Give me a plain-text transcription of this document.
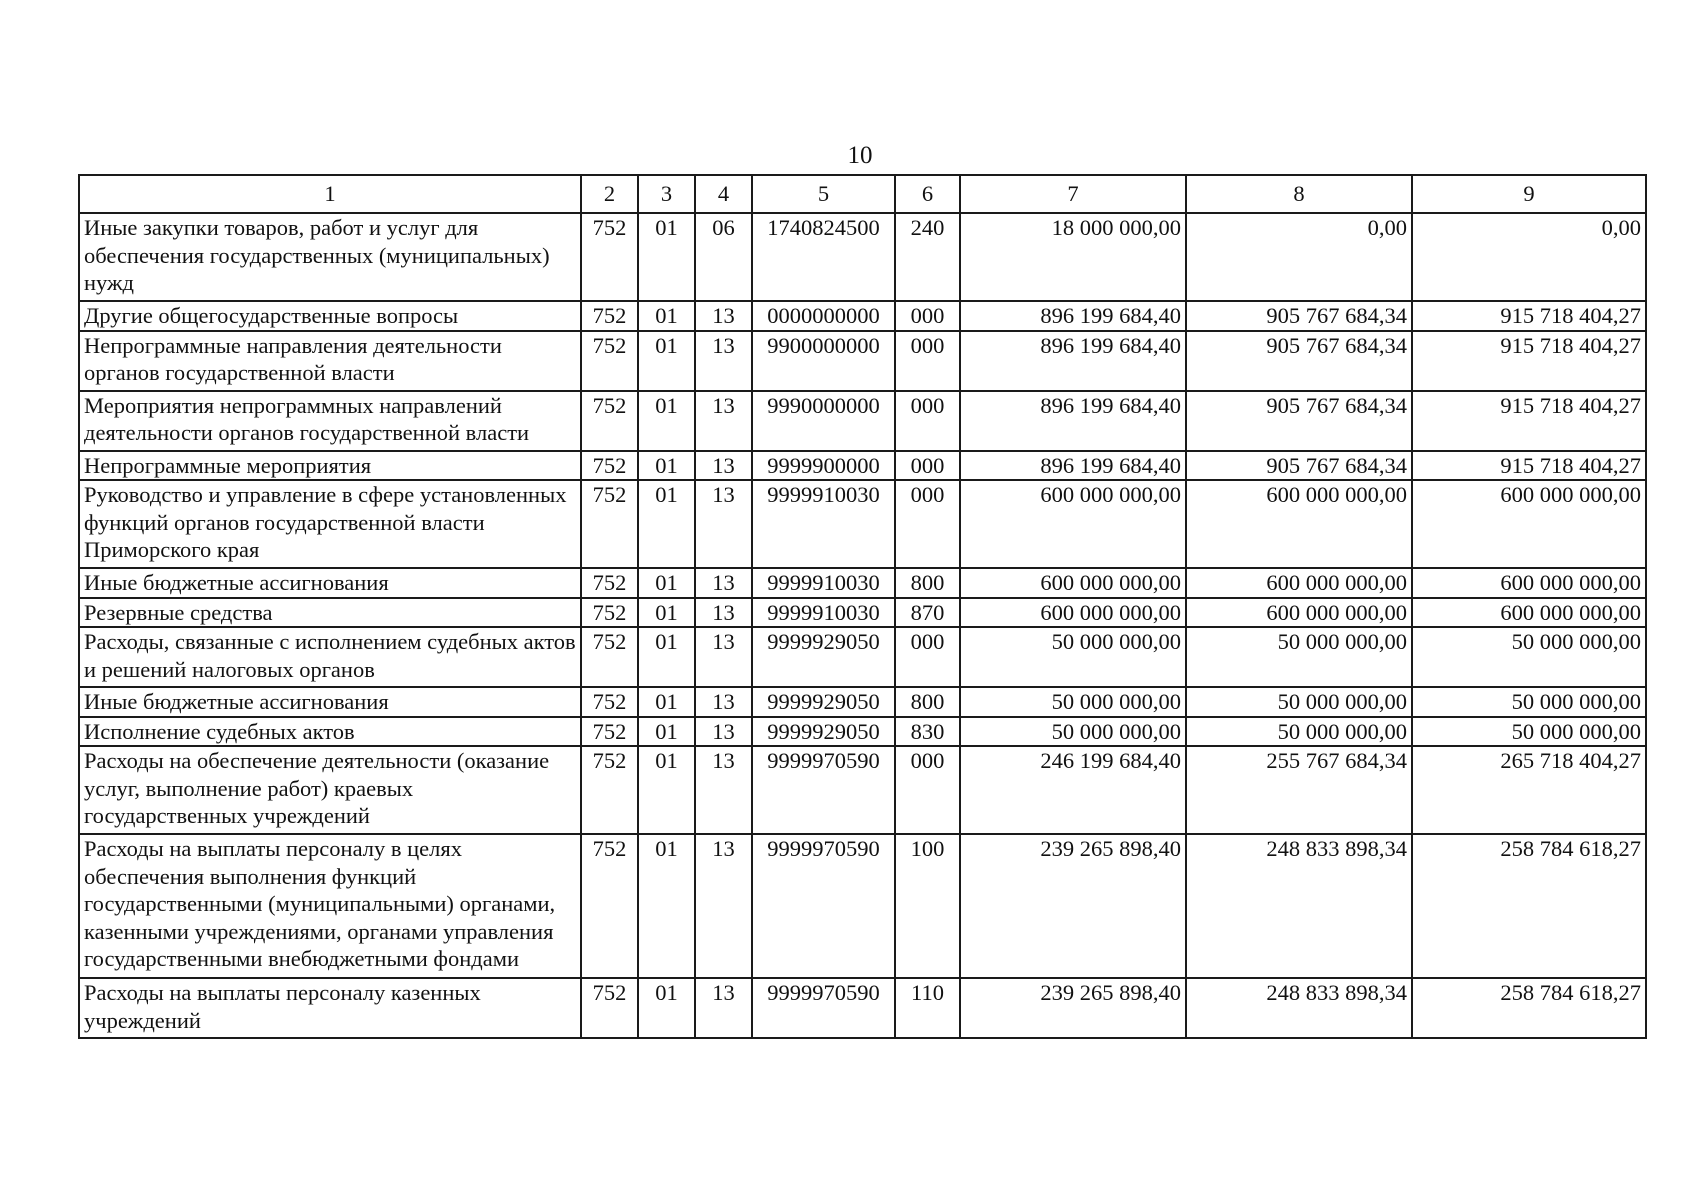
10
1	2	3	4	5	6	7	8	9
Иные закупки товаров, работ и услуг для обеспечения государственных (муниципальных) нужд	752	01	06	1740824500	240	18 000 000,00	0,00	0,00
Другие общегосударственные вопросы	752	01	13	0000000000	000	896 199 684,40	905 767 684,34	915 718 404,27
Непрограммные направления деятельности органов государственной власти	752	01	13	9900000000	000	896 199 684,40	905 767 684,34	915 718 404,27
Мероприятия непрограммных направлений деятельности органов государственной власти	752	01	13	9990000000	000	896 199 684,40	905 767 684,34	915 718 404,27
Непрограммные мероприятия	752	01	13	9999900000	000	896 199 684,40	905 767 684,34	915 718 404,27
Руководство и управление в сфере установленных функций органов государственной власти Приморского края	752	01	13	9999910030	000	600 000 000,00	600 000 000,00	600 000 000,00
Иные бюджетные ассигнования	752	01	13	9999910030	800	600 000 000,00	600 000 000,00	600 000 000,00
Резервные средства	752	01	13	9999910030	870	600 000 000,00	600 000 000,00	600 000 000,00
Расходы, связанные с исполнением судебных актов и решений налоговых органов	752	01	13	9999929050	000	50 000 000,00	50 000 000,00	50 000 000,00
Иные бюджетные ассигнования	752	01	13	9999929050	800	50 000 000,00	50 000 000,00	50 000 000,00
Исполнение судебных актов	752	01	13	9999929050	830	50 000 000,00	50 000 000,00	50 000 000,00
Расходы на обеспечение деятельности (оказание услуг, выполнение работ) краевых государственных учреждений	752	01	13	9999970590	000	246 199 684,40	255 767 684,34	265 718 404,27
Расходы на выплаты персоналу в целях обеспечения выполнения функций государственными (муниципальными) органами, казенными учреждениями, органами управления государственными внебюджетными фондами	752	01	13	9999970590	100	239 265 898,40	248 833 898,34	258 784 618,27
Расходы на выплаты персоналу казенных учреждений	752	01	13	9999970590	110	239 265 898,40	248 833 898,34	258 784 618,27
